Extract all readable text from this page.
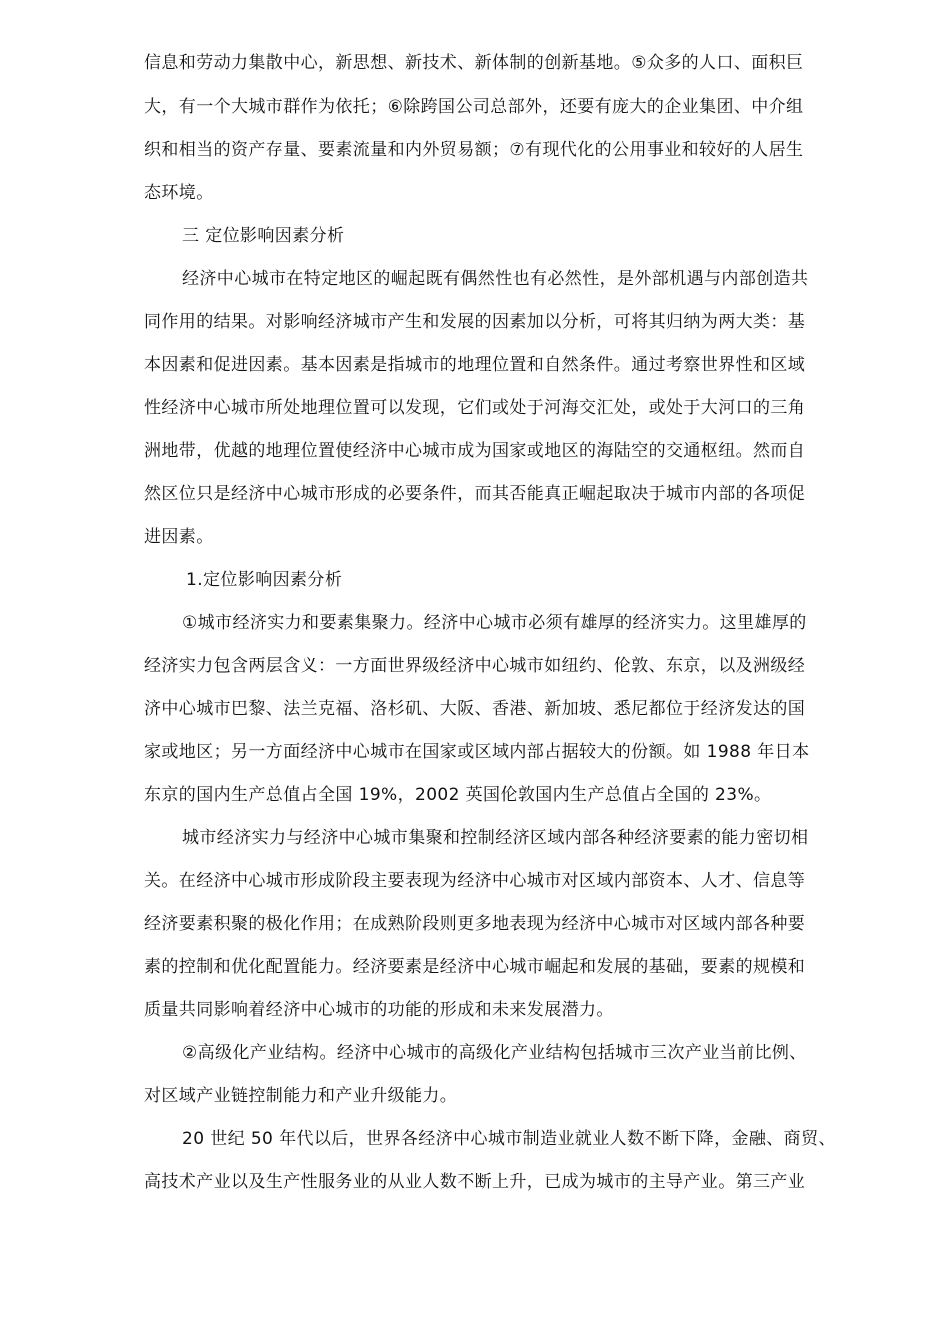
信息和劳动力集散中心，新思想、新技术、新体制的创新基地。⑤众多的人口、面积巨
大，有一个大城市群作为依托；⑥除跨国公司总部外，还要有庞大的企业集团、中介组
织和相当的资产存量、要素流量和内外贸易额；⑦有现代化的公用事业和较好的人居生
态环境。
三 定位影响因素分析
经济中心城市在特定地区的崛起既有偶然性也有必然性，是外部机遇与内部创造共
同作用的结果。对影响经济城市产生和发展的因素加以分析，可将其归纳为两大类：基
本因素和促进因素。基本因素是指城市的地理位置和自然条件。通过考察世界性和区域
性经济中心城市所处地理位置可以发现，它们或处于河海交汇处，或处于大河口的三角
洲地带，优越的地理位置使经济中心城市成为国家或地区的海陆空的交通枢纽。然而自
然区位只是经济中心城市形成的必要条件，而其否能真正崛起取决于城市内部的各项促
进因素。
1.定位影响因素分析
①城市经济实力和要素集聚力。经济中心城市必须有雄厚的经济实力。这里雄厚的
经济实力包含两层含义：一方面世界级经济中心城市如纽约、伦敦、东京，以及洲级经
济中心城市巴黎、法兰克福、洛杉矶、大阪、香港、新加坡、悉尼都位于经济发达的国
家或地区；另一方面经济中心城市在国家或区域内部占据较大的份额。如 1988 年日本
东京的国内生产总值占全国 19%，2002 英国伦敦国内生产总值占全国的 23%。
城市经济实力与经济中心城市集聚和控制经济区域内部各种经济要素的能力密切相
关。在经济中心城市形成阶段主要表现为经济中心城市对区域内部资本、人才、信息等
经济要素积聚的极化作用；在成熟阶段则更多地表现为经济中心城市对区域内部各种要
素的控制和优化配置能力。经济要素是经济中心城市崛起和发展的基础，要素的规模和
质量共同影响着经济中心城市的功能的形成和未来发展潜力。
②高级化产业结构。经济中心城市的高级化产业结构包括城市三次产业当前比例、
对区域产业链控制能力和产业升级能力。
20 世纪 50 年代以后，世界各经济中心城市制造业就业人数不断下降，金融、商贸、
高技术产业以及生产性服务业的从业人数不断上升，已成为城市的主导产业。第三产业
